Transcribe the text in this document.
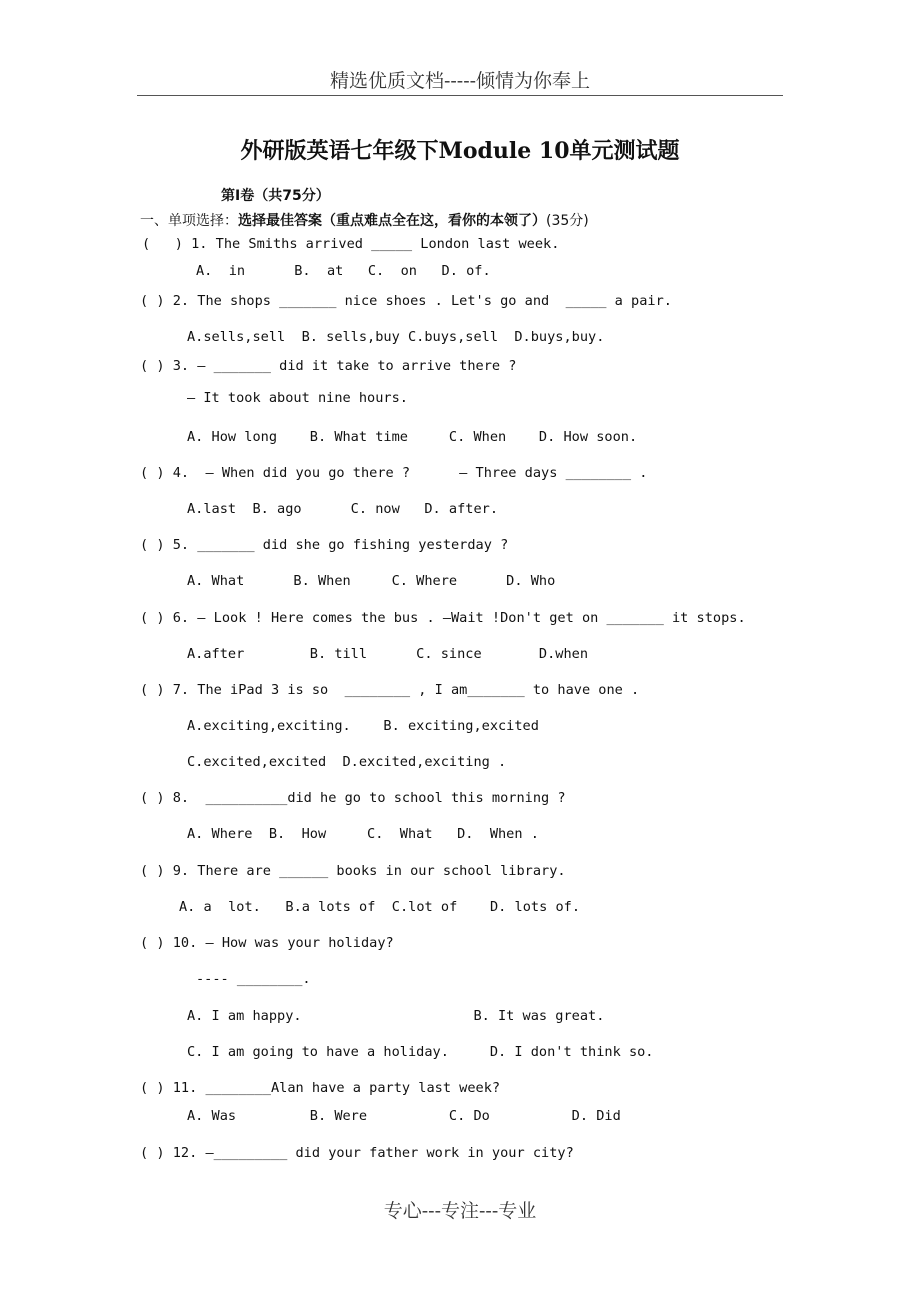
精选优质文档-----倾情为你奉上
外研版英语七年级下Module 10单元测试题
第Ⅰ卷（共75分）
一、单项选择：选择最佳答案（重点难点全在这，看你的本领了）(35分)
(   ) 1. The Smiths arrived _____ London last week.
A.  in      B.  at   C.  on   D. of.
( ) 2. The shops _______ nice shoes . Let's go and  _____ a pair.
A.sells,sell  B. sells,buy C.buys,sell  D.buys,buy.
( ) 3. — _______ did it take to arrive there ?
— It took about nine hours.
A. How long    B. What time     C. When    D. How soon.
( ) 4.  — When did you go there ?      — Three days ________ .
A.last  B. ago      C. now   D. after.
( ) 5. _______ did she go fishing yesterday ?
A. What      B. When     C. Where      D. Who
( ) 6. — Look ! Here comes the bus . —Wait !Don't get on _______ it stops.
A.after        B. till      C. since       D.when
( ) 7. The iPad 3 is so  ________ , I am_______ to have one .
A.exciting,exciting.    B. exciting,excited
C.excited,excited  D.excited,exciting .
( ) 8.  __________did he go to school this morning ?
A. Where  B.  How     C.  What   D.  When .
( ) 9. There are ______ books in our school library.
A. a  lot.   B.a lots of  C.lot of    D. lots of.
( ) 10. — How was your holiday?
---- ________.
A. I am happy.                     B. It was great.
C. I am going to have a holiday.     D. I don't think so.
( ) 11. ________Alan have a party last week?
A. Was         B. Were          C. Do          D. Did
( ) 12. —_________ did your father work in your city?
专心---专注---专业
